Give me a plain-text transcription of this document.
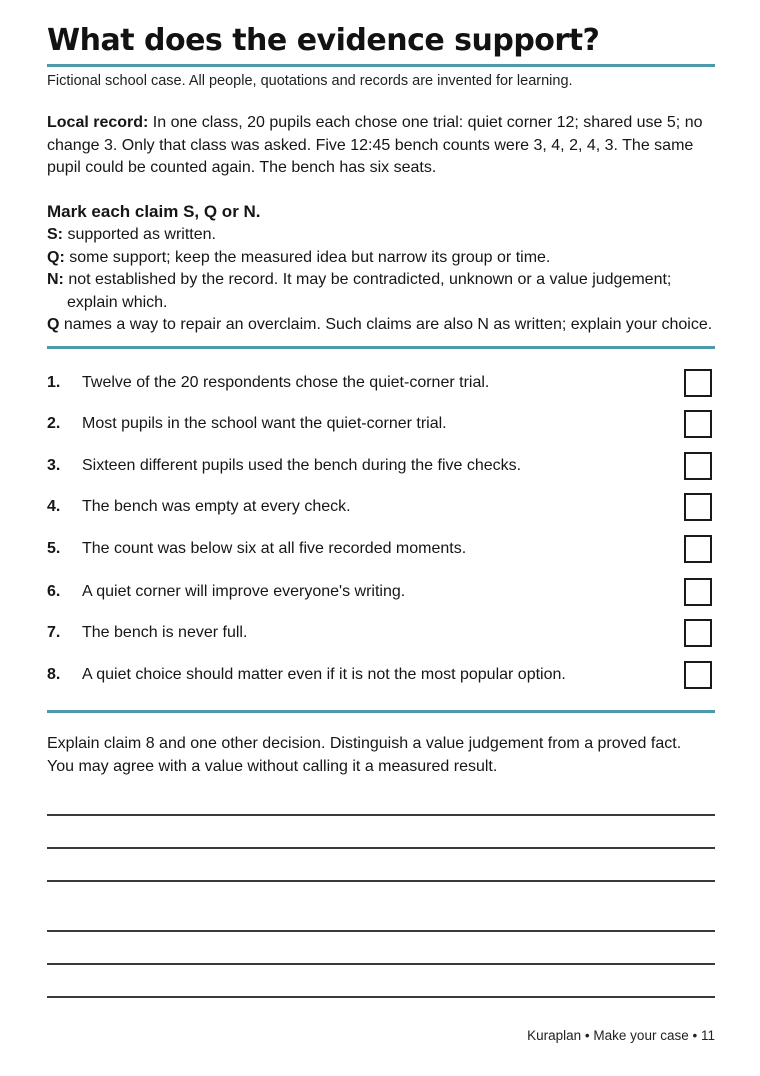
What does the evidence support?
Fictional school case. All people, quotations and records are invented for learning.
Local record: In one class, 20 pupils each chose one trial: quiet corner 12; shared use 5; no change 3. Only that class was asked. Five 12:45 bench counts were 3, 4, 2, 4, 3. The same pupil could be counted again. The bench has six seats.
Mark each claim S, Q or N.
S: supported as written.
Q: some support; keep the measured idea but narrow its group or time.
N: not established by the record. It may be contradicted, unknown or a value judgement;
explain which.
Q names a way to repair an overclaim. Such claims are also N as written; explain your choice.
1. Twelve of the 20 respondents chose the quiet-corner trial.
2. Most pupils in the school want the quiet-corner trial.
3. Sixteen different pupils used the bench during the five checks.
4. The bench was empty at every check.
5. The count was below six at all five recorded moments.
6. A quiet corner will improve everyone's writing.
7. The bench is never full.
8. A quiet choice should matter even if it is not the most popular option.
Explain claim 8 and one other decision. Distinguish a value judgement from a proved fact.
You may agree with a value without calling it a measured result.
Kuraplan • Make your case • 11
